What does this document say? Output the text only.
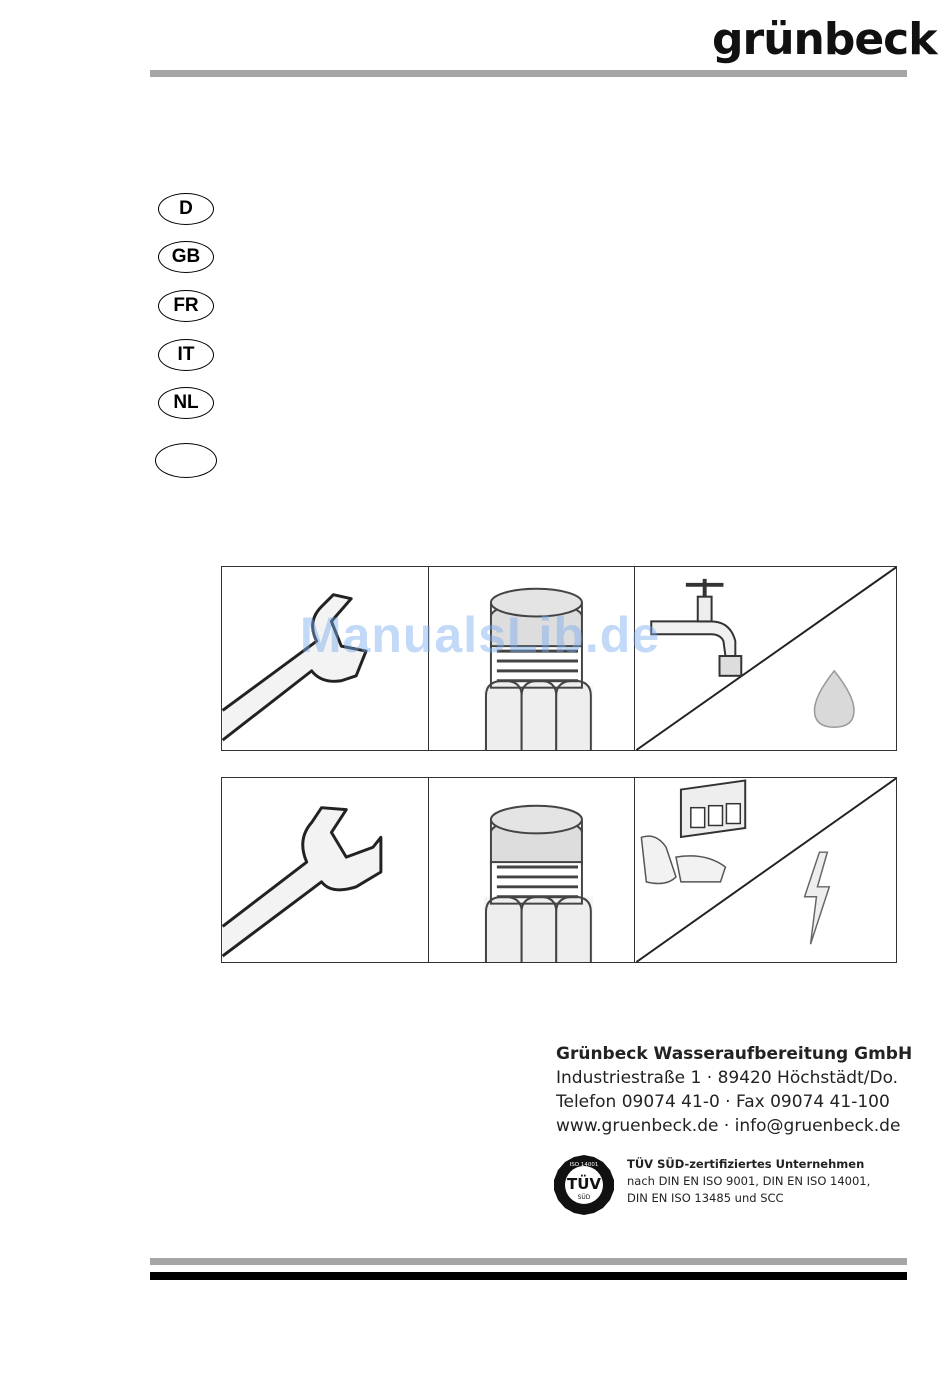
grünbeck
D
GB
FR
IT
NL
ManualsLib.de
Grünbeck Wasseraufbereitung GmbH
Industriestraße 1 · 89420 Höchstädt/Do.
Telefon 09074 41-0 · Fax 09074 41-100
www.gruenbeck.de · info@gruenbeck.de
ISO 14001
TÜV
SÜD
TÜV SÜD-zertifiziertes Unternehmen
nach DIN EN ISO 9001, DIN EN ISO 14001,
DIN EN ISO 13485 und SCC
